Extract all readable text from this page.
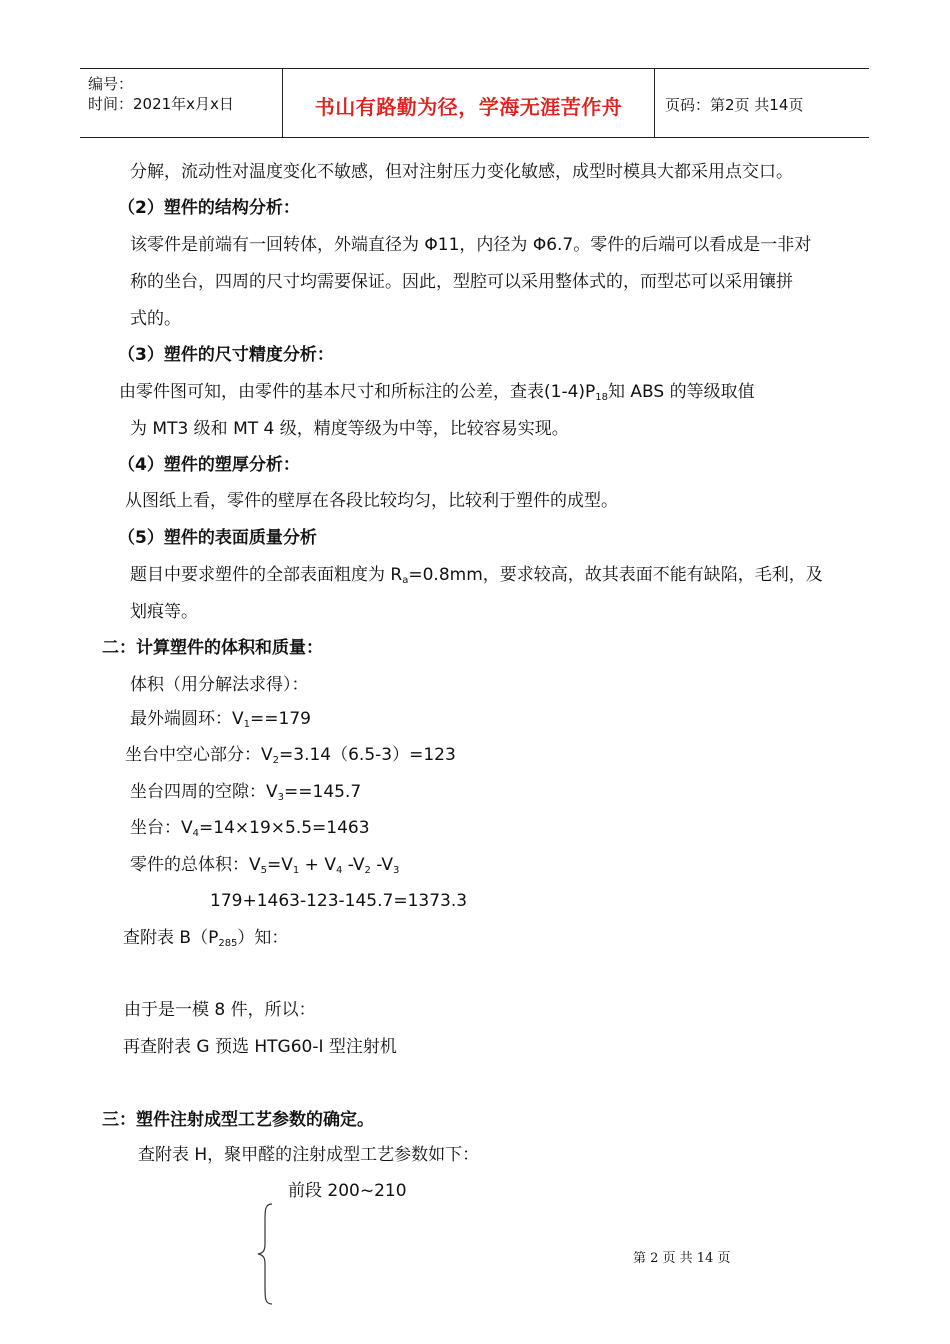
编号：
时间：2021年x月x日	书山有路勤为径，学海无涯苦作舟	页码：第2页 共14页
分解，流动性对温度变化不敏感，但对注射压力变化敏感，成型时模具大都采用点交口。
（2）塑件的结构分析：
该零件是前端有一回转体，外端直径为 Φ11，内径为 Φ6.7。零件的后端可以看成是一非对
称的坐台，四周的尺寸均需要保证。因此，型腔可以采用整体式的，而型芯可以采用镶拼
式的。
（3）塑件的尺寸精度分析：
由零件图可知，由零件的基本尺寸和所标注的公差，查表$(1-4)P_{18}$知 ABS 的等级取值
为 MT3 级和 MT 4 级，精度等级为中等，比较容易实现。
（4）塑件的塑厚分析：
从图纸上看，零件的壁厚在各段比较均匀，比较利于塑件的成型。
（5）塑件的表面质量分析
题目中要求塑件的全部表面粗度为 $R_a=0.8mm$，要求较高，故其表面不能有缺陷，毛利，及
划痕等。
二：计算塑件的体积和质量：
体积（用分解法求得）：
最外端圆环：$V_1==179$
坐台中空心部分：$V_2=3.14(6.5-3)=123$
坐台四周的空隙：$V_3==145.7$
坐台：$V_4=14\times 19\times 5.5=1463$
零件的总体积：$V_5=V_1 + V_4$ $-V_2$ $-V_3$
179+1463-123-145.7=1373.3
查附表 $B(P_{285})$知：
由于是一模 8 件，所以：
再查附表 G 预选 HTG60-I 型注射机
三：塑件注射成型工艺参数的确定。
查附表 H，聚甲醛的注射成型工艺参数如下：
前段 200~210
第 2 页 共 14 页
